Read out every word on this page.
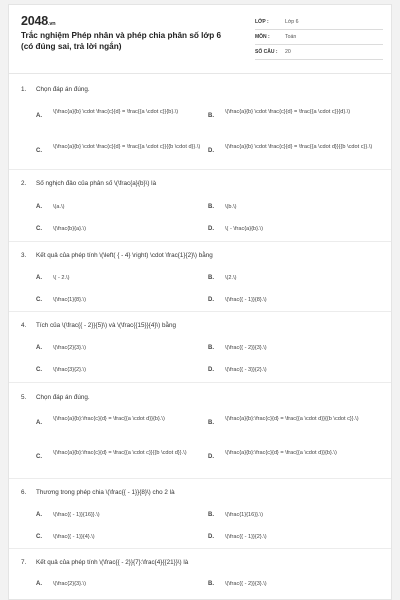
2048.vn
Trắc nghiệm Phép nhân và phép chia phân số lớp 6 (có đúng sai, trả lời ngắn)
LỚP :	Lớp 6
MÔN :	Toán
SỐ CÂU :	20
1. Chọn đáp án đúng.
A.
\(\frac{a}{b} \cdot \frac{c}{d} = \frac{{a \cdot c}}{b}.\)
B.
\(\frac{a}{b} \cdot \frac{c}{d} = \frac{{a \cdot c}}{d}.\)
C.
\(\frac{a}{b} \cdot \frac{c}{d} = \frac{{a \cdot c}}{{b \cdot d}}.\)
D.
\(\frac{a}{b} \cdot \frac{c}{d} = \frac{{a \cdot d}}{{b \cdot c}}.\)
2. Số nghịch đảo của phân số \(\frac{a}{b}\) là
A. \(a.\)	B. \(b.\)
C. \(\frac{b}{a}.\)	D. \( - \frac{a}{b}.\)
3. Kết quả của phép tính \(\left( { - 4} \right) \cdot \frac{1}{2}\) bằng
A. \( - 2.\)	B. \(2.\)
C. \(\frac{1}{8}.\)	D. \(\frac{{ - 1}}{8}.\)
4. Tích của \(\frac{{ - 2}}{5}\) và \(\frac{{15}}{4}\) bằng
A. \(\frac{2}{3}.\)	B. \(\frac{{ - 2}}{3}.\)
C. \(\frac{3}{2}.\)	D. \(\frac{{ - 3}}{2}.\)
5. Chọn đáp án đúng.
A.
\(\frac{a}{b}:\frac{c}{d} = \frac{{a \cdot d}}{b}.\)
B.
\(\frac{a}{b}:\frac{c}{d} = \frac{{a \cdot d}}{{b \cdot c}}.\)
C.
\(\frac{a}{b}:\frac{c}{d} = \frac{{a \cdot c}}{{b \cdot d}}.\)
D.
\(\frac{a}{b}:\frac{c}{d} = \frac{{a \cdot d}}{b}.\)
6. Thương trong phép chia \(\frac{{ - 1}}{8}\) cho 2 là
A. \(\frac{{ - 1}}{16}}.\)	B. \(\frac{1}{16}}.\)
C. \(\frac{{ - 1}}{4}.\)	D. \(\frac{{ - 1}}{2}.\)
7. Kết quả của phép tính \(\frac{{ - 2}}{7}:\frac{4}{{21}}\) là
A. \(\frac{2}{3}.\)	B. \(\frac{{ - 2}}{3}.\)
